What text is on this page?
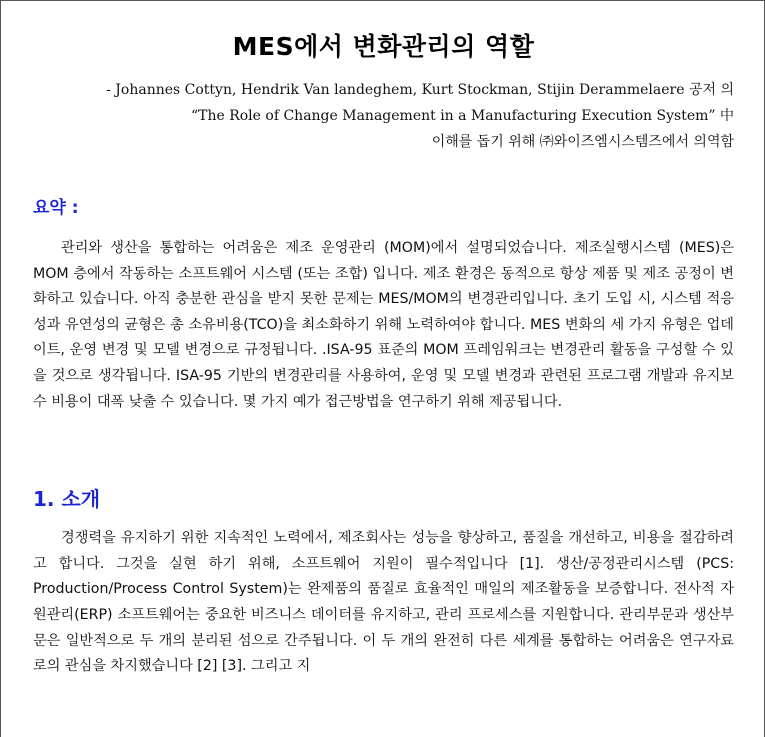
MES에서 변화관리의 역할
- Johannes Cottyn, Hendrik Van landeghem, Kurt Stockman, Stijin Derammelaere 공저 의
“The Role of Change Management in a Manufacturing Execution System” 中
이해를 돕기 위해 ㈜와이즈엠시스템즈에서 의역함
요약 :
관리와 생산을 통합하는 어려움은 제조 운영관리 (MOM)에서 설명되었습니다. 제조실행시스템 (MES)은 MOM 층에서 작동하는 소프트웨어 시스템 (또는 조합) 입니다. 제조 환경은 동적으로 항상 제품 및 제조 공정이 변화하고 있습니다. 아직 충분한 관심을 받지 못한 문제는 MES/MOM의 변경관리입니다. 초기 도입 시, 시스템 적응성과 유연성의 균형은 총 소유비용(TCO)을 최소화하기 위해 노력하여야 합니다. MES 변화의 세 가지 유형은 업데이트, 운영 변경 및 모델 변경으로 규정됩니다. .ISA-95 표준의 MOM 프레임워크는 변경관리 활동을 구성할 수 있을 것으로 생각됩니다. ISA-95 기반의 변경관리를 사용하여, 운영 및 모델 변경과 관련된 프로그램 개발과 유지보수 비용이 대폭 낮출 수 있습니다. 몇 가지 예가 접근방법을 연구하기 위해 제공됩니다.
1. 소개
경쟁력을 유지하기 위한 지속적인 노력에서, 제조회사는 성능을 향상하고, 품질을 개선하고, 비용을 절감하려고 합니다. 그것을 실현 하기 위해, 소프트웨어 지원이 필수적입니다 [1]. 생산/공정관리시스템 (PCS: Production/Process Control System)는 완제품의 품질로 효율적인 매일의 제조활동을 보증합니다. 전사적 자원관리(ERP) 소프트웨어는 중요한 비즈니스 데이터를 유지하고, 관리 프로세스를 지원합니다. 관리부문과 생산부문은 일반적으로 두 개의 분리된 섬으로 간주됩니다. 이 두 개의 완전히 다른 세계를 통합하는 어려움은 연구자료로의 관심을 차지했습니다 [2] [3]. 그리고 지
